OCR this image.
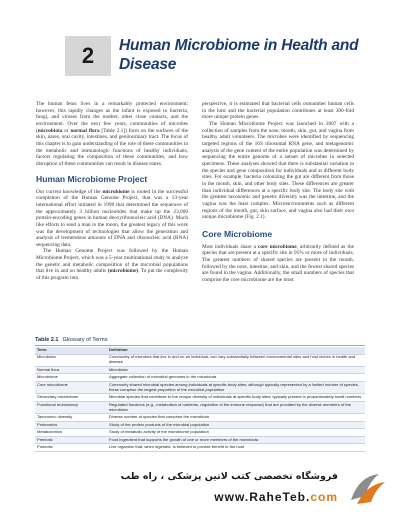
2 Human Microbiome in Health and Disease

The human fetus lives in a remarkably protected environment; however, this rapidly changes as the infant is exposed to bacteria, fungi, and viruses from the mother, other close contacts, and the environment. Over the next few years, communities of microbes (microbiota or normal flora [Table 2.1]) form on the surfaces of the skin, nares, oral cavity, intestines, and genitourinary tract. The focus of this chapter is to gain understanding of the role of these communities in the metabolic and immunologic functions of healthy individuals, factors regulating the composition of these communities, and how disruption of these communities can result in disease states.

Human Microbiome Project

Our current knowledge of the microbiome is rooted in the successful completion of the Human Genome Project, that was a 13-year international effort initiated in 1990 that determined the sequences of the approximately 3 billion nucleotides that make up the 23,000 protein-encoding genes in human deoxyribonucleic acid (DNA). Much like efforts to send a man to the moon, the greatest legacy of this work was the development of technologies that allow the generation and analysis of tremendous amounts of DNA and ribonucleic acid (RNA) sequencing data.

The Human Genome Project was followed by the Human Microbiome Project, which was a 5-year multinational study to analyze the genetic and metabolic composition of the microbial populations that live in and on healthy adults (microbiome). To put the complexity of this program into

perspective, it is estimated that bacterial cells outnumber human cells in the host and the bacterial population contributes at least 300-fold more unique protein genes.

The Human Microbiome Project was launched in 2007 with a collection of samples from the nose, mouth, skin, gut, and vagina from healthy adult volunteers. The microbes were identified by sequencing targeted regions of the 16S ribosomal RNA gene, and metagenomic analysis of the gene content of the entire population was determined by sequencing the entire genome of a subset of microbes in selected specimens. These analyses showed that there is substantial variation in the species and gene composition for individuals and at different body sites. For example, bacteria colonizing the gut are different from those in the mouth, skin, and other body sites. These differences are greater than individual differences at a specific body site. The body site with the greatest taxonomic and genetic diversity was the intestine, and the vagina was the least complex. Microenvironments such as different regions of the mouth, gut, skin surface, and vagina also had their own unique microbiome (Fig. 2.1).

Core Microbiome

Most individuals share a core microbiome, arbitrarily defined as the species that are present at a specific site in 95% or more of individuals. The greatest numbers of shared species are present in the mouth, followed by the nose, intestine, and skin, and the fewest shared species are found in the vagina. Additionally, the small numbers of species that comprise the core microbiome are the most

Table 2.1 Glossary of Terms
Term	Definition
Microbiota	Community of microbes that live in and on an individual; can vary substantially between environmental sites and host niches in health and disease
Normal flora	Microbiota
Microbiome	Aggregate collection of microbial genomes in the microbiota
Core microbiome	Commonly shared microbial species among individuals at specific body sites; although typically represented by a limited number of species, these comprise the largest proportion of the microbial population
Secondary microbiome	Microbial species that contribute to the unique diversity of individuals at specific body sites; typically present in proportionately small numbers
Functional redundancy	Regulated functions (e.g., metabolism of nutrients, regulation of the immune response) that are provided by the diverse members of the microbiota
Taxonomic diversity	Diverse number of species that comprise the microbiota
Proteomics	Study of the protein products of the microbial population
Metabolomics	Study of metabolic activity of the microbiome population
Prebiotic	Food ingredient that supports the growth of one or more members of the microbiota
Probiotic	Live organism that, when ingested, is believed to provide benefit to the host
فروشگاه تخصصی کتب لاتین پزشکی ، راه طب
www.RaheTeb.com
